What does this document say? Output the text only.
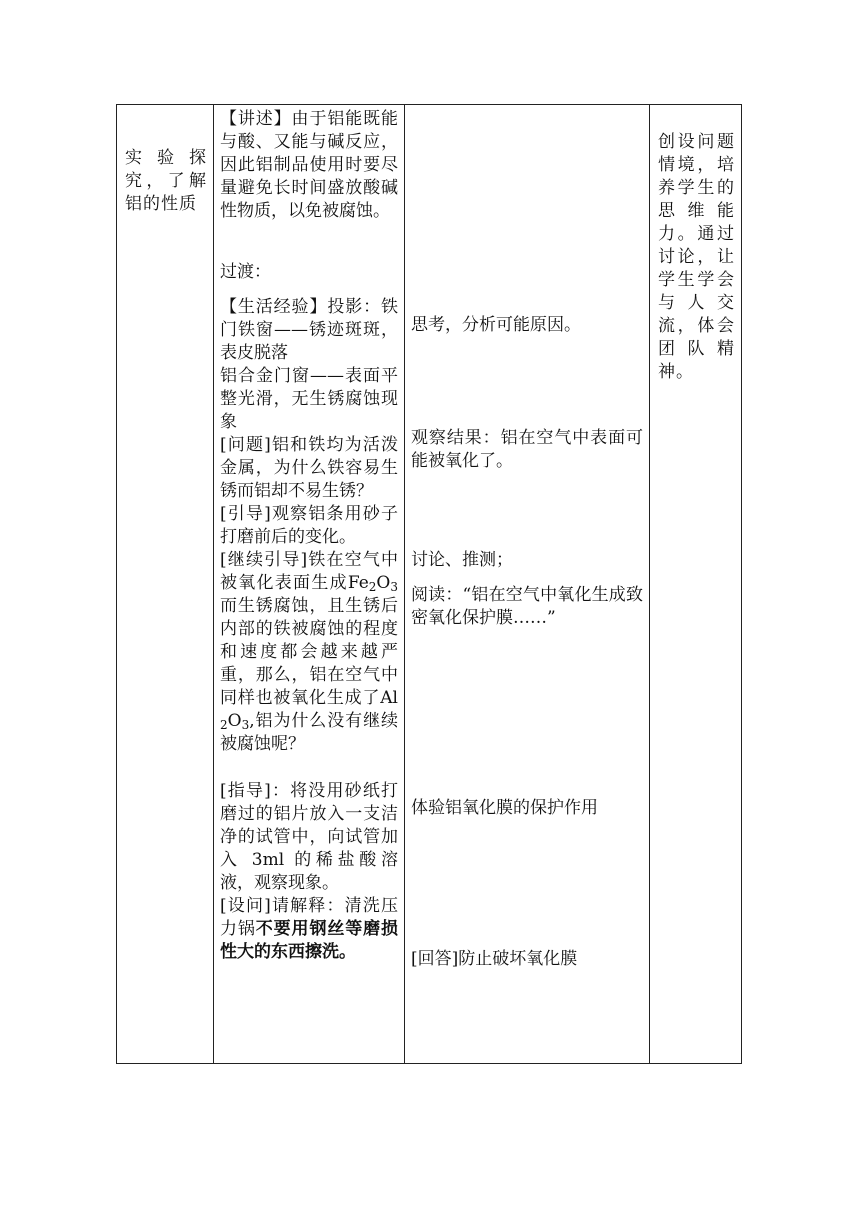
实验探究，了解铝的性质

【讲述】由于铝能既能与酸、又能与碱反应，因此铝制品使用时要尽量避免长时间盛放酸碱性物质，以免被腐蚀。
过渡：
【生活经验】投影：铁门铁窗——锈迹斑斑，表皮脱落
铝合金门窗——表面平整光滑，无生锈腐蚀现象
[问题]铝和铁均为活泼金属，为什么铁容易生锈而铝却不易生锈？
[引导]观察铝条用砂子打磨前后的变化。
[继续引导]铁在空气中被氧化表面生成$Fe_2O_3$而生锈腐蚀，且生锈后内部的铁被腐蚀的程度和速度都会越来越严重，那么，铝在空气中同样也被氧化生成了$Al_2O_3$,铝为什么没有继续被腐蚀呢？
[指导]：将没用砂纸打磨过的铝片放入一支洁净的试管中，向试管加入 3ml 的稀盐酸溶液，观察现象。
[设问]请解释：清洗压力锅不要用钢丝等磨损性大的东西擦洗。

思考，分析可能原因。
观察结果：铝在空气中表面可能被氧化了。
讨论、推测；
阅读：“铝在空气中氧化生成致密氧化保护膜……”
体验铝氧化膜的保护作用
[回答]防止破坏氧化膜

创设问题情境，培养学生的思维能力。通过讨论，让学生学会与人交流，体会团队精神。
